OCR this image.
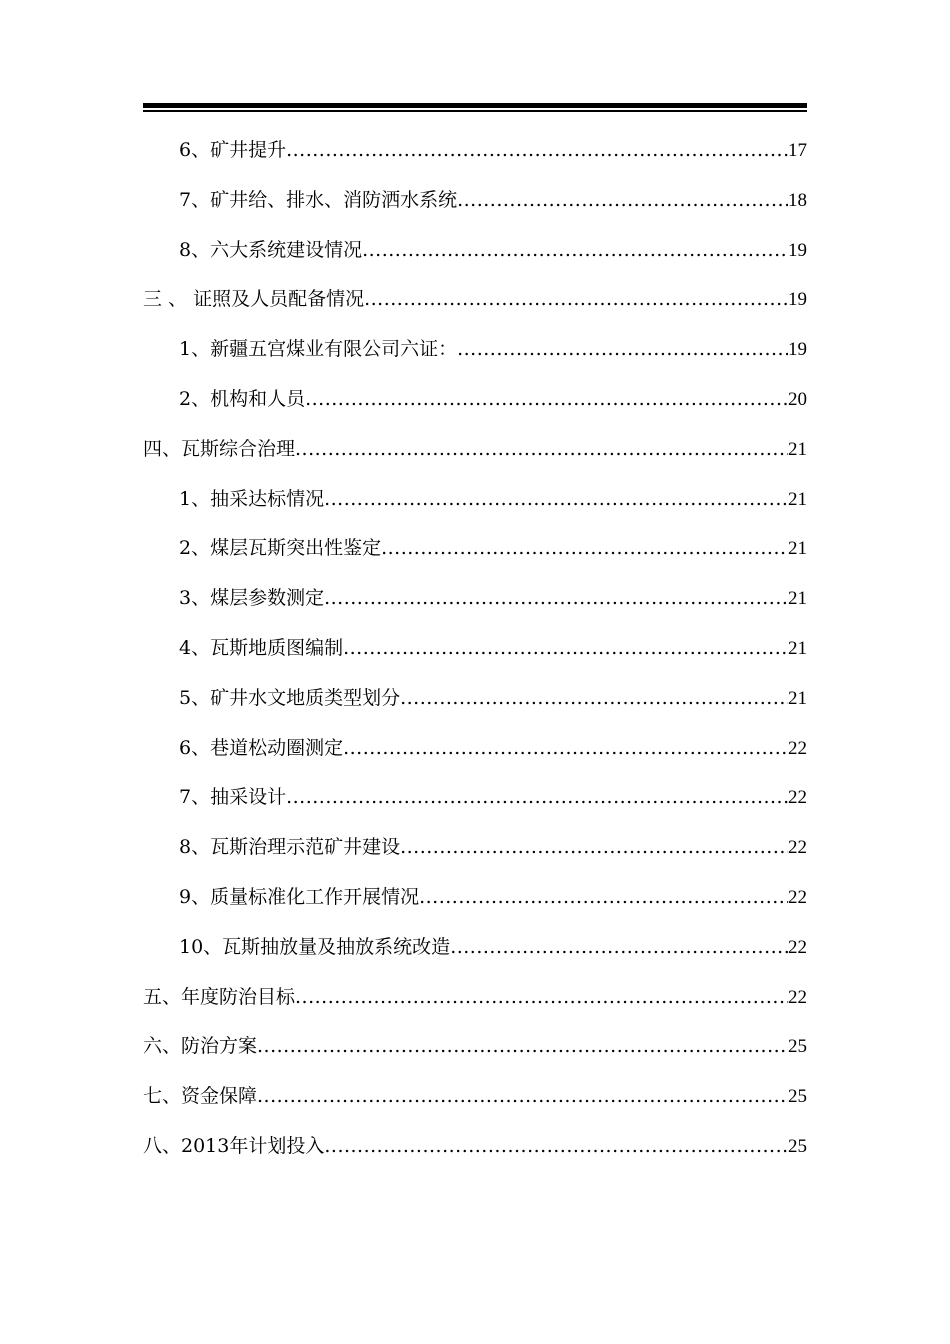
6、矿井提升 .....	17
7、矿井给、排水、消防洒水系统 .....	18
8、六大系统建设情况 .....	19
三 、 证照及人员配备情况 .....	19
1、新疆五宫煤业有限公司六证： .....	19
2、机构和人员 .....	20
四、瓦斯综合治理 .....	21
1、抽采达标情况 .....	21
2、煤层瓦斯突出性鉴定 .....	21
3、煤层参数测定 .....	21
4、瓦斯地质图编制 .....	21
5、矿井水文地质类型划分 .....	21
6、巷道松动圈测定 .....	22
7、抽采设计 .....	22
8、瓦斯治理示范矿井建设 .....	22
9、质量标准化工作开展情况 .....	22
10、瓦斯抽放量及抽放系统改造 .....	22
五、年度防治目标 .....	22
六、防治方案 .....	25
七、资金保障 .....	25
八、2013年计划投入 .....	25
